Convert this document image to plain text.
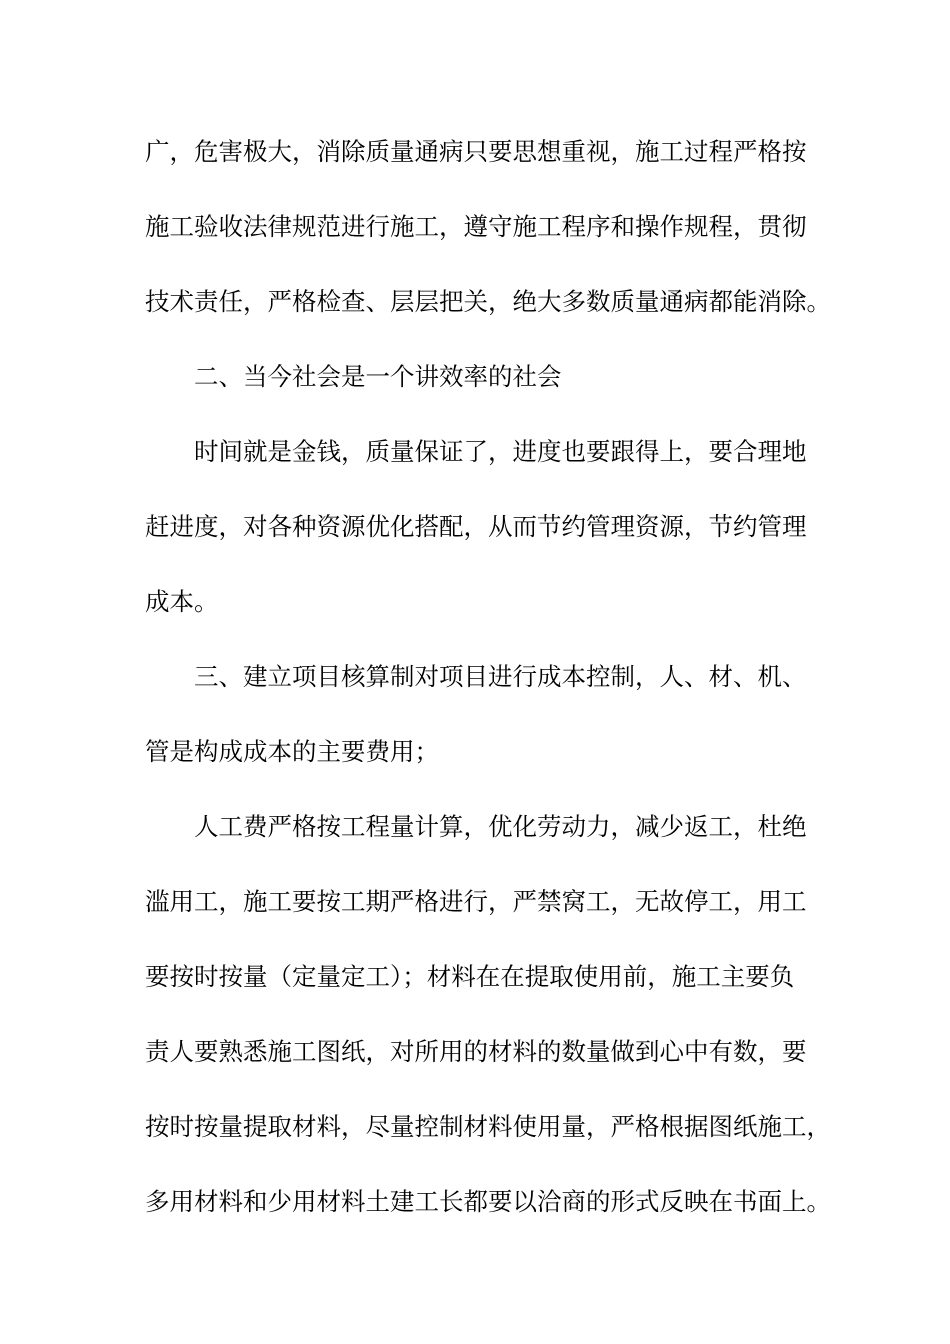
广，危害极大，消除质量通病只要思想重视，施工过程严格按
施工验收法律规范进行施工，遵守施工程序和操作规程，贯彻
技术责任，严格检查、层层把关，绝大多数质量通病都能消除。
二、当今社会是一个讲效率的社会
时间就是金钱，质量保证了，进度也要跟得上，要合理地
赶进度，对各种资源优化搭配，从而节约管理资源，节约管理
成本。
三、建立项目核算制对项目进行成本控制，人、材、机、
管是构成成本的主要费用；
人工费严格按工程量计算，优化劳动力，减少返工，杜绝
滥用工，施工要按工期严格进行，严禁窝工，无故停工，用工
要按时按量（定量定工）；材料在在提取使用前，施工主要负
责人要熟悉施工图纸，对所用的材料的数量做到心中有数，要
按时按量提取材料，尽量控制材料使用量，严格根据图纸施工，
多用材料和少用材料土建工长都要以洽商的形式反映在书面上。
